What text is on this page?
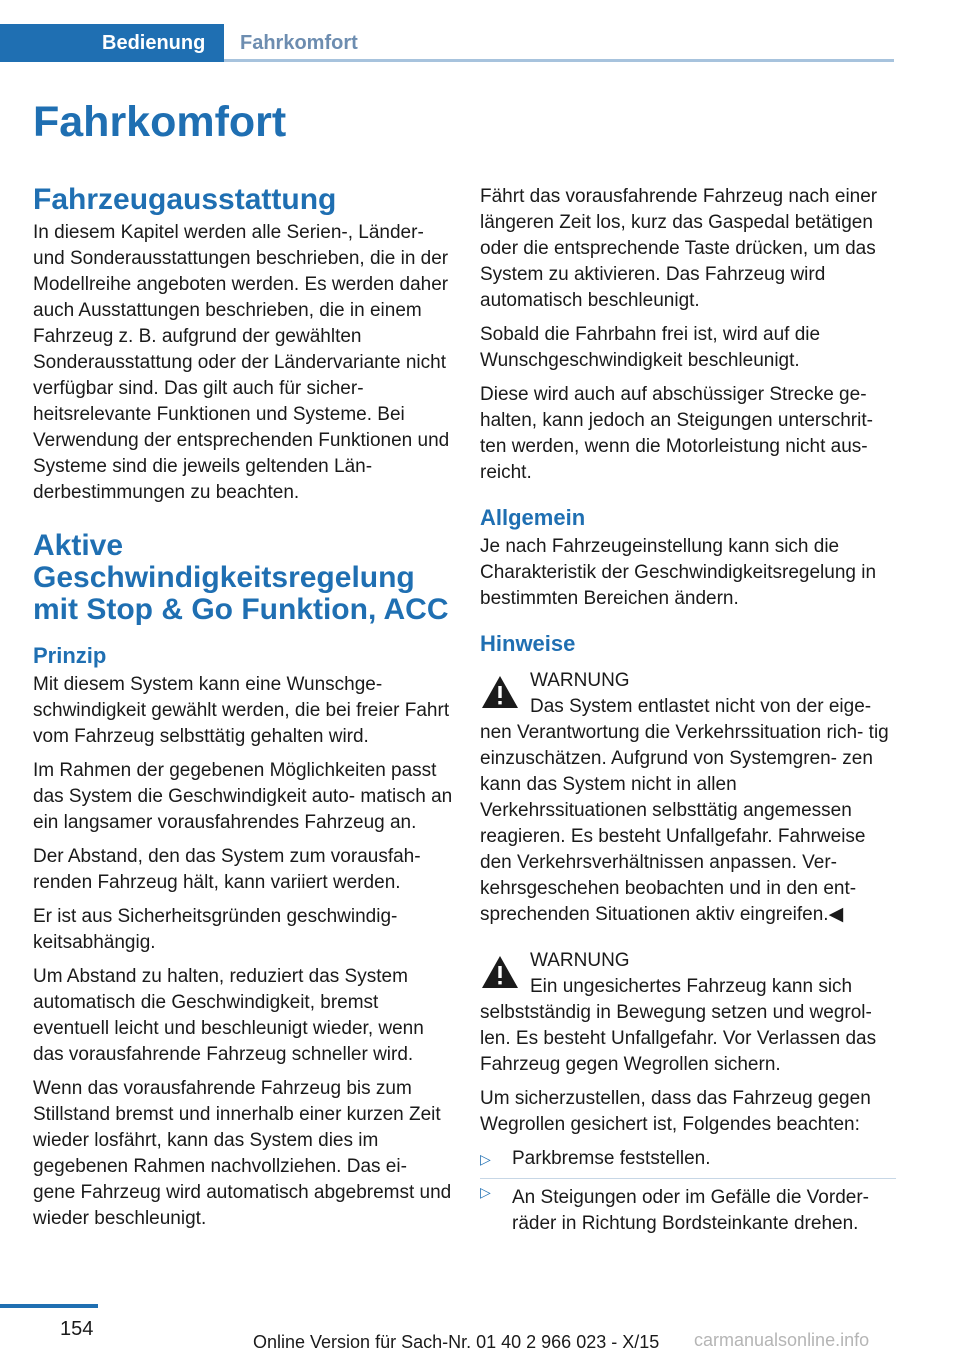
Bedienung	Fahrkomfort
Fahrkomfort
Fahrzeugausstattung

In diesem Kapitel werden alle Serien-, Länder- und Sonderausstattungen beschrieben, die in der Modellreihe angeboten werden. Es werden daher auch Ausstattungen beschrieben, die in einem Fahrzeug z. B. aufgrund der gewählten Sonderausstattung oder der Ländervariante nicht verfügbar sind. Das gilt auch für sicher- heitsrelevante Funktionen und Systeme. Bei Verwendung der entsprechenden Funktionen und Systeme sind die jeweils geltenden Län- derbestimmungen zu beachten.

Aktive Geschwindigkeitsregelung mit Stop & Go Funktion, ACC
Prinzip

Mit diesem System kann eine Wunschge- schwindigkeit gewählt werden, die bei freier Fahrt vom Fahrzeug selbsttätig gehalten wird.

Im Rahmen der gegebenen Möglichkeiten passt das System die Geschwindigkeit auto- matisch an ein langsamer vorausfahrendes Fahrzeug an.

Der Abstand, den das System zum vorausfah- renden Fahrzeug hält, kann variiert werden.

Er ist aus Sicherheitsgründen geschwindig- keitsabhängig.

Um Abstand zu halten, reduziert das System automatisch die Geschwindigkeit, bremst eventuell leicht und beschleunigt wieder, wenn das vorausfahrende Fahrzeug schneller wird.

Wenn das vorausfahrende Fahrzeug bis zum Stillstand bremst und innerhalb einer kurzen Zeit wieder losfährt, kann das System dies im gegebenen Rahmen nachvollziehen. Das ei- gene Fahrzeug wird automatisch abgebremst und wieder beschleunigt.

Fährt das vorausfahrende Fahrzeug nach einer längeren Zeit los, kurz das Gaspedal betätigen oder die entsprechende Taste drücken, um das System zu aktivieren. Das Fahrzeug wird automatisch beschleunigt.

Sobald die Fahrbahn frei ist, wird auf die Wunschgeschwindigkeit beschleunigt.

Diese wird auch auf abschüssiger Strecke ge- halten, kann jedoch an Steigungen unterschrit- ten werden, wenn die Motorleistung nicht aus- reicht.

Allgemein

Je nach Fahrzeugeinstellung kann sich die Charakteristik der Geschwindigkeitsregelung in bestimmten Bereichen ändern.

Hinweise

WARNUNG

Das System entlastet nicht von der eige- nen Verantwortung die Verkehrssituation rich- tig einzuschätzen. Aufgrund von Systemgren- zen kann das System nicht in allen Verkehrssituationen selbsttätig angemessen reagieren. Es besteht Unfallgefahr. Fahrweise den Verkehrsverhältnissen anpassen. Ver- kehrsgeschehen beobachten und in den ent- sprechenden Situationen aktiv eingreifen.◀

WARNUNG

Ein ungesichertes Fahrzeug kann sich selbstständig in Bewegung setzen und wegrol- len. Es besteht Unfallgefahr. Vor Verlassen das Fahrzeug gegen Wegrollen sichern.

Um sicherzustellen, dass das Fahrzeug gegen Wegrollen gesichert ist, Folgendes beachten:

▷ Parkbremse feststellen.
▷ An Steigungen oder im Gefälle die Vorder- räder in Richtung Bordsteinkante drehen.
154
Online Version für Sach-Nr. 01 40 2 966 023 - X/15 carmanualsonline.info
